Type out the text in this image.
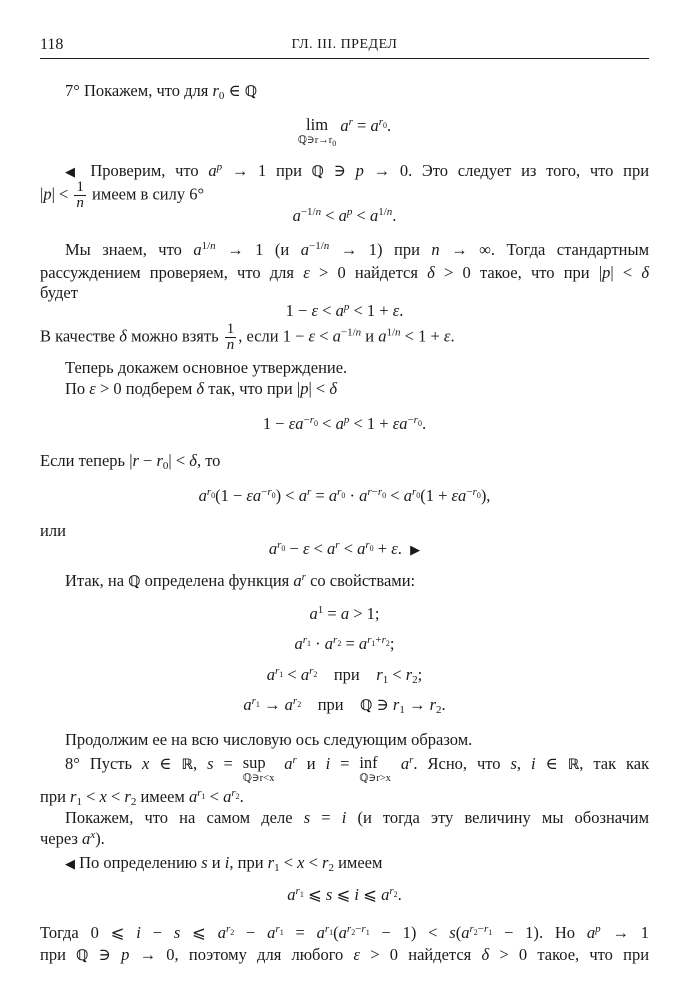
118	ГЛ. III. ПРЕДЕЛ
7° Покажем, что для $r_0$ ∈ ℚ
lim
$ℚ∋r\to r_0$
$a^r = a^{r_0}$.
◀ Проверим, что $a^p \to 1$ при ℚ ∋ p → 0. Это следует из того, что при
$|p| < \frac{1}{n}$ имеем в силу 6°
$a^{-1/n} < a^p < a^{1/n}$.
Мы знаем, что $a^{1/n} \to 1$ (и $a^{-1/n} \to 1$) при n → ∞. Тогда стандартным
рассуждением проверяем, что для ε > 0 найдется δ > 0 такое, что при |p| < δ
будет
$1 - \varepsilon < a^p < 1 + \varepsilon$.
В качестве δ можно взять $\frac{1}{n}$ , если $1 - \varepsilon < a^{-1/n}$ и $a^{1/n} < 1 + \varepsilon$.
Теперь докажем основное утверждение.
По ε > 0 подберем δ так, что при |p| < δ
$1 - \varepsilon a^{-r_0} < a^p < 1 + \varepsilon a^{-r_0}$.
Если теперь $|r - r_0| < \delta$, то
$a^{r_0}(1 - \varepsilon a^{-r_0}) < a^r = a^{r_0} \cdot a^{r-r_0} < a^{r_0}(1 + \varepsilon a^{-r_0})$,
или
$a^{r_0} - \varepsilon < a^r < a^{r_0} + \varepsilon$.  ▶
Итак, на ℚ определена функция $a^r$ со свойствами:
$a^1 = a > 1$;
$a^{r_1} \cdot a^{r_2} = a^{r_1+r_2}$;
$a^{r_1} < a^{r_2}$ при $r_1 < r_2$;
$a^{r_1} \to a^{r_2}$ при ℚ ∋ $r_1 \to r_2$.
Продолжим ее на всю числовую ось следующим образом.
8° Пусть x ∈ ℝ, s = sup
ℚ∋r<x
$a^r$ и i = inf
ℚ∋r>x
$a^r$. Ясно, что s, i ∈ ℝ, так как
при $r_1 < x < r_2$ имеем $a^{r_1} < a^{r_2}$.
Покажем, что на самом деле s = i (и тогда эту величину мы обозначим
через $a^x$).
◀ По определению s и i, при $r_1 < x < r_2$ имеем
$a^{r_1}$ ⩽ s ⩽ i ⩽ $a^{r_2}$.
Тогда 0 ⩽ i − s ⩽ $a^{r_2} - a^{r_1} = a^{r_1}(a^{r_2-r_1} - 1) < s(a^{r_2-r_1} - 1)$. Но $a^p \to 1$
при ℚ ∋ p → 0, поэтому для любого ε > 0 найдется δ > 0 такое, что при
